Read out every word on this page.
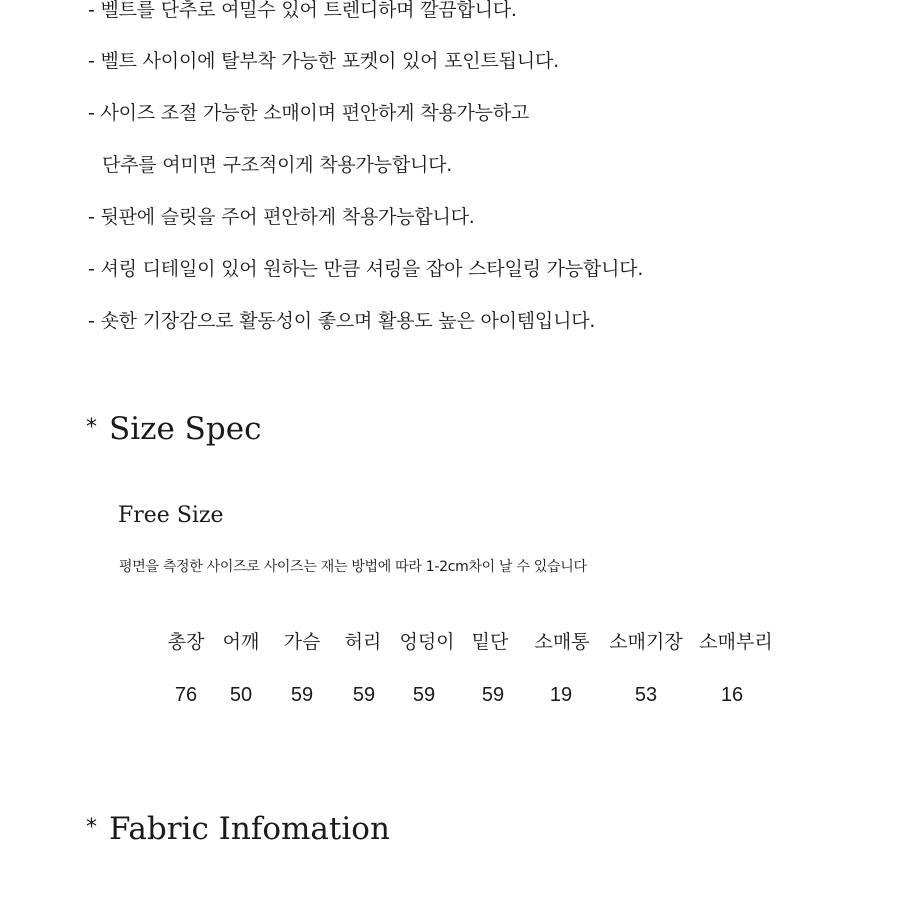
- 벨트를 단추로 여밀수 있어 트렌디하며 깔끔합니다.
- 벨트 사이이에 탈부착 가능한 포켓이 있어 포인트됩니다.
- 사이즈 조절 가능한 소매이며 편안하게 착용가능하고
단추를 여미면 구조적이게 착용가능합니다.
- 뒷판에 슬릿을 주어 편안하게 착용가능합니다.
- 셔링 디테일이 있어 원하는 만큼 셔링을 잡아 스타일링 가능합니다.
- 숏한 기장감으로 활동성이 좋으며 활용도 높은 아이템입니다.
* Size Spec
Free Size
평면을 측정한 사이즈로 사이즈는 재는 방법에 따라 1-2cm차이 날 수 있습니다
총장 어깨 가슴 허리 엉덩이 밑단 소매통 소매기장 소매부리
76 50 59 59 59 59 19	53	16
* Fabric Infomation
